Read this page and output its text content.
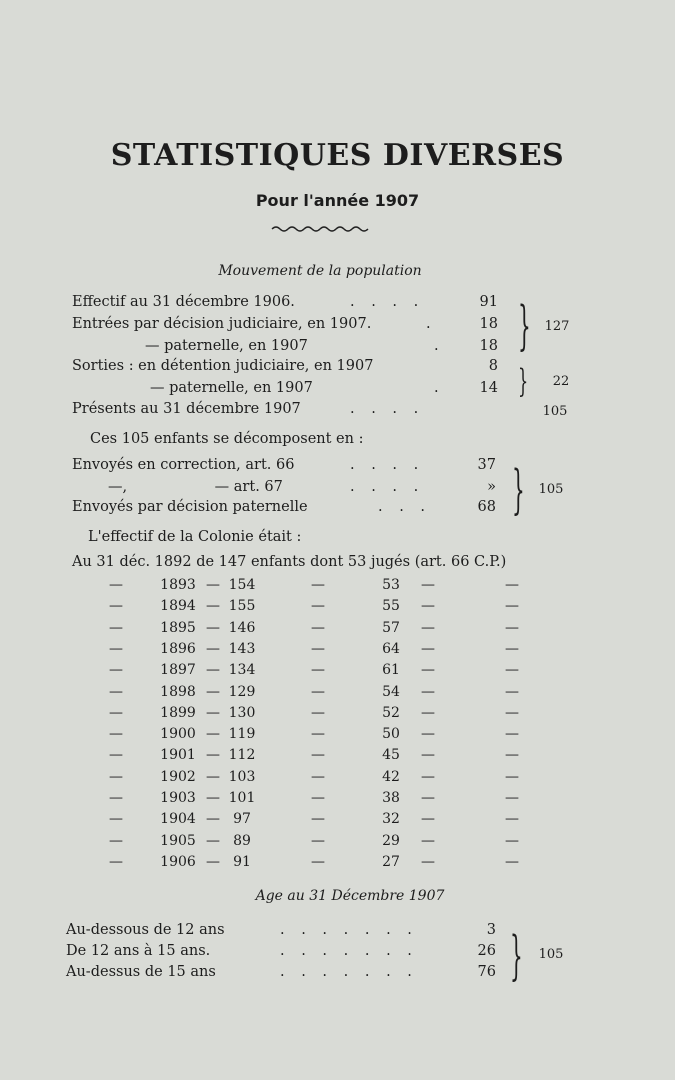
STATISTIQUES DIVERSES
Pour l'année 1907
Mouvement de la population
Effectif au 31 décembre 1906.	. . . .	91
Entrées par décision judiciaire, en 1907.	.	18
— paternelle, en 1907	.	18
Sorties : en détention judiciaire, en 1907	8
— paternelle, en 1907	.	14
Présents au 31 décembre 1907	. . . .
}	127
}	22
105
Ces 105 enfants se décomposent en :
Envoyés en correction, art. 66	. . . .	37
—,                   — art. 67	. . . .	»
Envoyés par décision paternelle	. . .	68 }	105
L'effectif de la Colonie était :
Au 31 déc. 1892 de 147 enfants dont 53 jugés (art. 66 C.P.)
—	1893 — 154	—	53	—	—
—	1894 — 155	—	55	—	—
—	1895 — 146	—	57	—	—
—	1896 — 143	—	64	—	—
—	1897 — 134	—	61	—	—
—	1898 — 129	—	54	—	—
—	1899 — 130	—	52	—	—
—	1900 — 119	—	50	—	—
—	1901 — 112	—	45	—	—
—	1902 — 103	—	42	—	—
—	1903 — 101	—	38	—	—
—	1904 — 97	—	32	—	—
—	1905 — 89	—	29	—	—
—	1906 — 91	—	27	—	—
Age au 31 Décembre 1907
Au-dessous de 12 ans	. . . . . . .	3
De 12 ans à 15 ans.	. . . . . . .	26
Au-dessus de 15 ans	. . . . . . .	76 }	105
